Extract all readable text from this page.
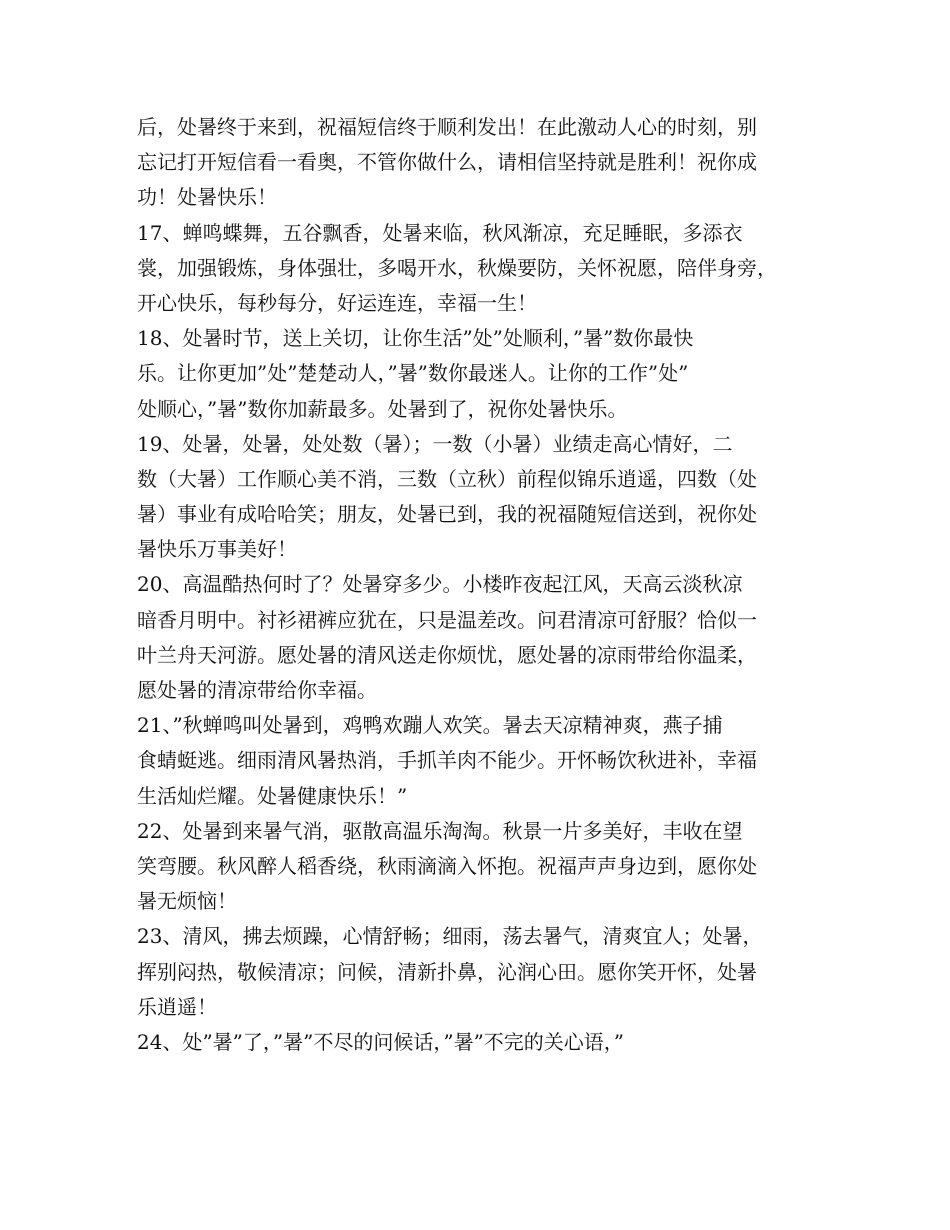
后，处暑终于来到，祝福短信终于顺利发出！在此激动人心的时刻，别
忘记打开短信看一看奥，不管你做什么，请相信坚持就是胜利！祝你成
功！处暑快乐！
17、蝉鸣蝶舞，五谷飘香，处暑来临，秋风渐凉，充足睡眠，多添衣
裳，加强锻炼，身体强壮，多喝开水，秋燥要防，关怀祝愿，陪伴身旁，
开心快乐，每秒每分，好运连连，幸福一生！
18、处暑时节，送上关切，让你生活”处”处顺利，”暑”数你最快
乐。让你更加”处”楚楚动人，”暑”数你最迷人。让你的工作”处”
处顺心，”暑”数你加薪最多。处暑到了，祝你处暑快乐。
19、处暑，处暑，处处数（暑）；一数（小暑）业绩走高心情好，二
数（大暑）工作顺心美不消，三数（立秋）前程似锦乐逍遥，四数（处
暑）事业有成哈哈笑；朋友，处暑已到，我的祝福随短信送到，祝你处
暑快乐万事美好！
20、高温酷热何时了？处暑穿多少。小楼昨夜起江风，天高云淡秋凉
暗香月明中。衬衫裙裤应犹在，只是温差改。问君清凉可舒服？恰似一
叶兰舟天河游。愿处暑的清风送走你烦忧，愿处暑的凉雨带给你温柔，
愿处暑的清凉带给你幸福。
21、”秋蝉鸣叫处暑到，鸡鸭欢蹦人欢笑。暑去天凉精神爽，燕子捕
食蜻蜓逃。细雨清风暑热消，手抓羊肉不能少。开怀畅饮秋进补，幸福
生活灿烂耀。处暑健康快乐！”
22、处暑到来暑气消，驱散高温乐淘淘。秋景一片多美好，丰收在望
笑弯腰。秋风醉人稻香绕，秋雨滴滴入怀抱。祝福声声身边到，愿你处
暑无烦恼！
23、清风，拂去烦躁，心情舒畅；细雨，荡去暑气，清爽宜人；处暑，
挥别闷热，敬候清凉；问候，清新扑鼻，沁润心田。愿你笑开怀，处暑
乐逍遥！
24、处”暑”了，”暑”不尽的问候话，”暑”不完的关心语，”
